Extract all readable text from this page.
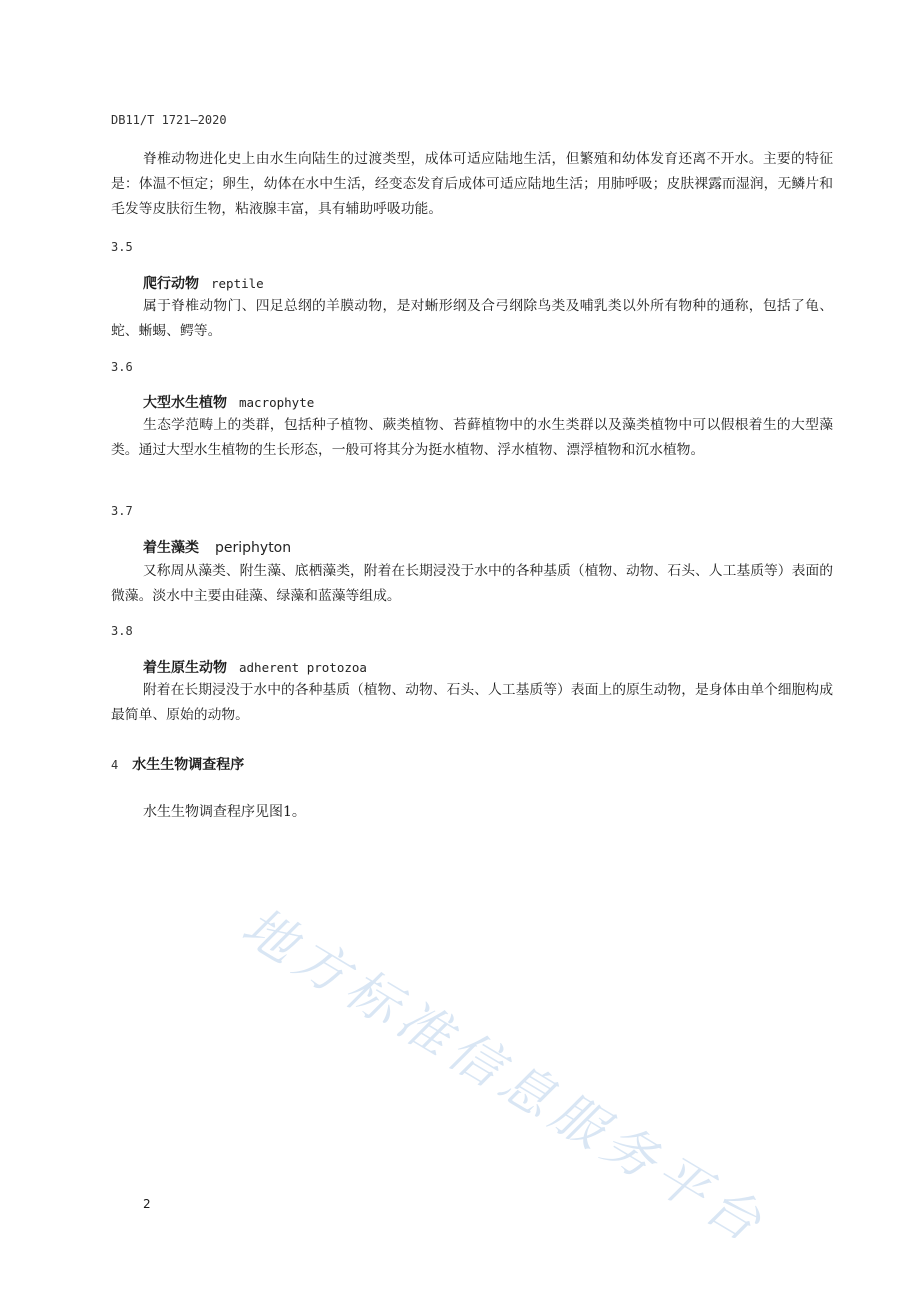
DB11/T 1721—2020
脊椎动物进化史上由水生向陆生的过渡类型，成体可适应陆地生活，但繁殖和幼体发育还离不开水。主要的特征是：体温不恒定；卵生，幼体在水中生活，经变态发育后成体可适应陆地生活；用肺呼吸；皮肤裸露而湿润，无鳞片和毛发等皮肤衍生物，粘液腺丰富，具有辅助呼吸功能。
3.5
爬行动物 reptile
属于脊椎动物门、四足总纲的羊膜动物，是对蜥形纲及合弓纲除鸟类及哺乳类以外所有物种的通称，包括了龟、蛇、蜥蜴、鳄等。
3.6
大型水生植物 macrophyte
生态学范畴上的类群，包括种子植物、蕨类植物、苔藓植物中的水生类群以及藻类植物中可以假根着生的大型藻类。通过大型水生植物的生长形态，一般可将其分为挺水植物、浮水植物、漂浮植物和沉水植物。
3.7
着生藻类 periphyton
又称周从藻类、附生藻、底栖藻类，附着在长期浸没于水中的各种基质（植物、动物、石头、人工基质等）表面的微藻。淡水中主要由硅藻、绿藻和蓝藻等组成。
3.8
着生原生动物 adherent protozoa
附着在长期浸没于水中的各种基质（植物、动物、石头、人工基质等）表面上的原生动物，是身体由单个细胞构成最简单、原始的动物。
4 水生生物调查程序
水生生物调查程序见图1。
地方标准信息服务平台
2
